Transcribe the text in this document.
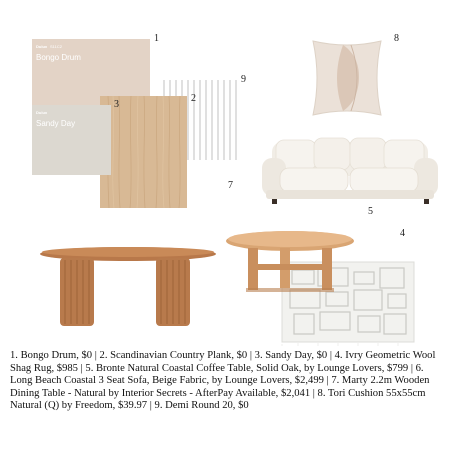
Dulux S11C2
Bongo Drum
1
9
2
Dulux
Sandy Day
3
7
8
5
4
1. Bongo Drum, $0 | 2. Scandinavian Country Plank, $0 | 3. Sandy Day, $0 | 4. Ivry Geometric Wool Shag Rug, $985 | 5. Bronte Natural Coastal Coffee Table, Solid Oak, by Lounge Lovers, $799 | 6. Long Beach Coastal 3 Seat Sofa, Beige Fabric, by Lounge Lovers, $2,499 | 7. Marty 2.2m Wooden Dining Table - Natural by Interior Secrets - AfterPay Available, $2,041 | 8. Tori Cushion 55x55cm Natural (Q) by Freedom, $39.97 | 9. Demi Round 20, $0
